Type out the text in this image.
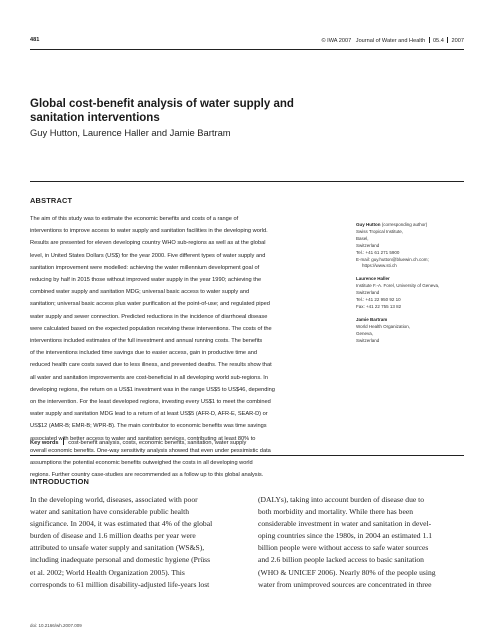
481	© IWA 2007 Journal of Water and Health 05.4 2007
Global cost-benefit analysis of water supply and
sanitation interventions
Guy Hutton, Laurence Haller and Jamie Bartram
ABSTRACT
The aim of this study was to estimate the economic benefits and costs of a range of
interventions to improve access to water supply and sanitation facilities in the developing world.
Results are presented for eleven developing country WHO sub-regions as well as at the global
level, in United States Dollars (US$) for the year 2000. Five different types of water supply and
sanitation improvement were modelled: achieving the water millennium development goal of
reducing by half in 2015 those without improved water supply in the year 1990; achieving the
combined water supply and sanitation MDG; universal basic access to water supply and
sanitation; universal basic access plus water purification at the point-of-use; and regulated piped
water supply and sewer connection. Predicted reductions in the incidence of diarrhoeal disease
were calculated based on the expected population receiving these interventions. The costs of the
interventions included estimates of the full investment and annual running costs. The benefits
of the interventions included time savings due to easier access, gain in productive time and
reduced health care costs saved due to less illness, and prevented deaths. The results show that
all water and sanitation improvements are cost-beneficial in all developing world sub-regions. In
developing regions, the return on a US$1 investment was in the range US$5 to US$46, depending
on the intervention. For the least developed regions, investing every US$1 to meet the combined
water supply and sanitation MDG lead to a return of at least US$5 (AFR-D, AFR-E, SEAR-D) or
US$12 (AMR-B; EMR-B; WPR-B). The main contributor to economic benefits was time savings
associated with better access to water and sanitation services, contributing at least 80% to
overall economic benefits. One-way sensitivity analysis showed that even under pessimistic data
assumptions the potential economic benefits outweighed the costs in all developing world
regions. Further country case-studies are recommended as a follow up to this global analysis.
Key words cost-benefit analysis, costs, economic benefits, sanitation, water supply
Guy Hutton (corresponding author)
Swiss Tropical Institute,
Basel,
Switzerland
Tel.: +41 61 271 5900
E-mail: guy.hutton@bluewin.ch.com;
https://www.sti.ch
Laurence Haller
Institute F.-A. Forel, University of Geneva,
Switzerland
Tel.: +41 22 950 92 10
Fax: +41 22 755 13 82
Jamie Bartram
World Health Organization,
Geneva,
Switzerland
INTRODUCTION
In the developing world, diseases, associated with poor
water and sanitation have considerable public health
significance. In 2004, it was estimated that 4% of the global
burden of disease and 1.6 million deaths per year were
attributed to unsafe water supply and sanitation (WS&S),
including inadequate personal and domestic hygiene (Prüss
et al. 2002; World Health Organization 2005). This
corresponds to 61 million disability-adjusted life-years lost
(DALYs), taking into account burden of disease due to
both morbidity and mortality. While there has been
considerable investment in water and sanitation in devel-
oping countries since the 1980s, in 2004 an estimated 1.1
billion people were without access to safe water sources
and 2.6 billion people lacked access to basic sanitation
(WHO & UNICEF 2006). Nearly 80% of the people using
water from unimproved sources are concentrated in three
doi: 10.2166/wh.2007.009
